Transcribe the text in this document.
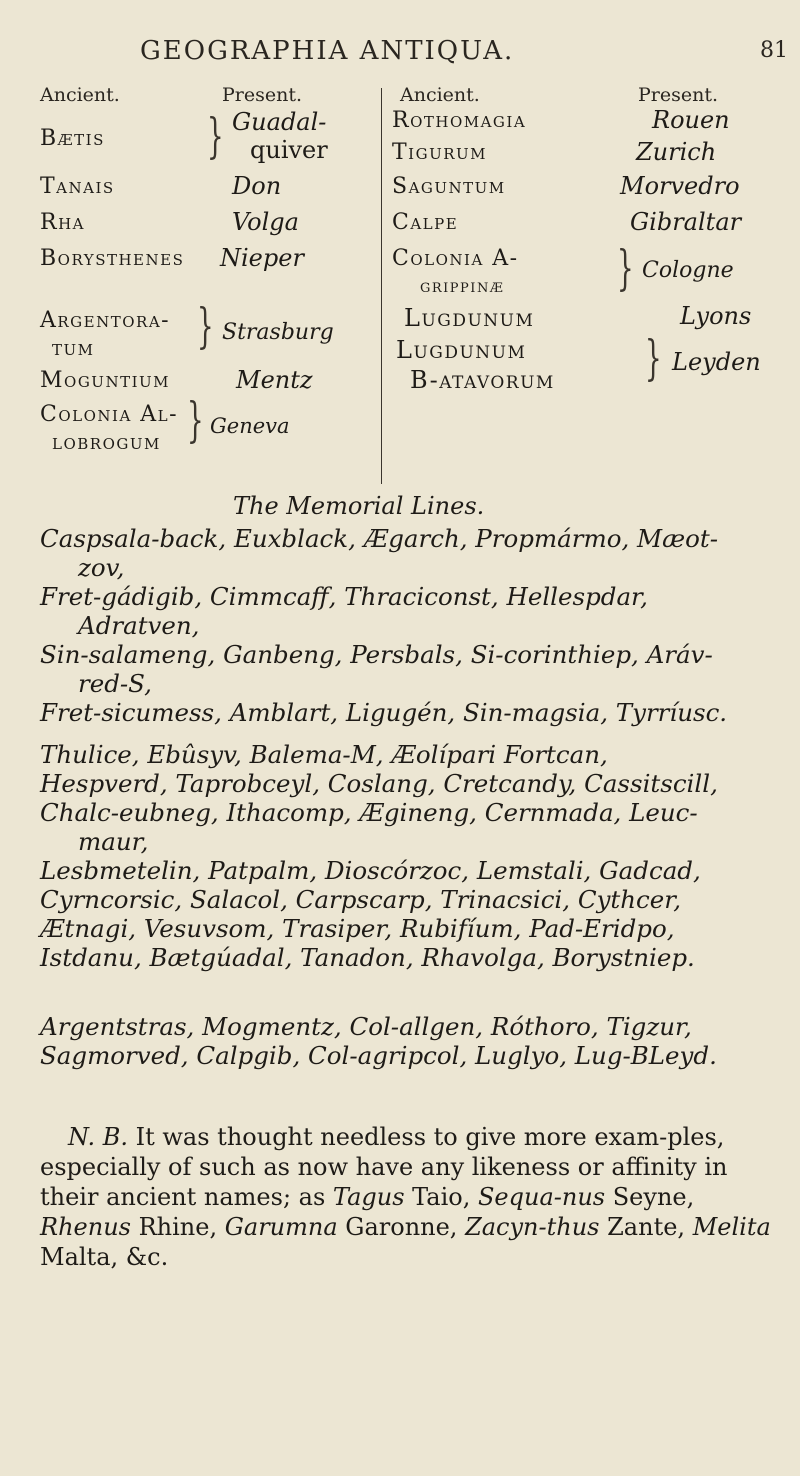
GEOGRAPHIA ANTIQUA.	81
Ancient.	Present.	Ancient.	Present.
Bætis } Guadal-
quiver
Tanais	Don
Rha	Volga
Borysthenes Nieper
Argentora-
tum } Strasburg
Moguntium	Mentz
Colonia Al-
lobrogum } Geneva
Rothomagia	Rouen
Tigurum	Zurich
Saguntum	Morvedro
Calpe	Gibraltar
Colonia A-
grippinæ } Cologne
Lugdunum	Lyons
Lugdunum
B-atavorum } Leyden
The Memorial Lines.

Caspsala-back, Euxblack, Ægarch, Propmármo, Mæot-

zov,

Fret-gádigib, Cimmcaff, Thraciconst, Hellespdar,

Adratven,

Sin-salameng, Ganbeng, Persbals, Si-corinthiep, Aráv-

red-S,

Fret-sicumess, Amblart, Ligugén, Sin-magsia, Tyrríusc.

Thulice, Ebûsyv, Balema-M, Æolípari Fortcan,

Hespverd, Taprobceyl, Coslang, Cretcandy, Cassitscill,

Chalc-eubneg, Ithacomp, Ægineng, Cernmada, Leuc-

maur,

Lesbmetelin, Patpalm, Dioscórzoc, Lemstali, Gadcad,

Cyrncorsic, Salacol, Carpscarp, Trinacsici, Cythcer,

Ætnagi, Vesuvsom, Trasiper, Rubifíum, Pad-Eridpo,

Istdanu, Bætgúadal, Tanadon, Rhavolga, Borystniep.

Argentstras, Mogmentz, Col-allgen, Róthoro, Tigzur,

Sagmorved, Calpgib, Col-agripcol, Luglyo, Lug-BLeyd.

N. B. It was thought needless to give more exam-ples, especially of such as now have any likeness or affinity in their ancient names; as Tagus Taio, Sequa-nus Seyne, Rhenus Rhine, Garumna Garonne, Zacyn-thus Zante, Melita Malta, &c.
